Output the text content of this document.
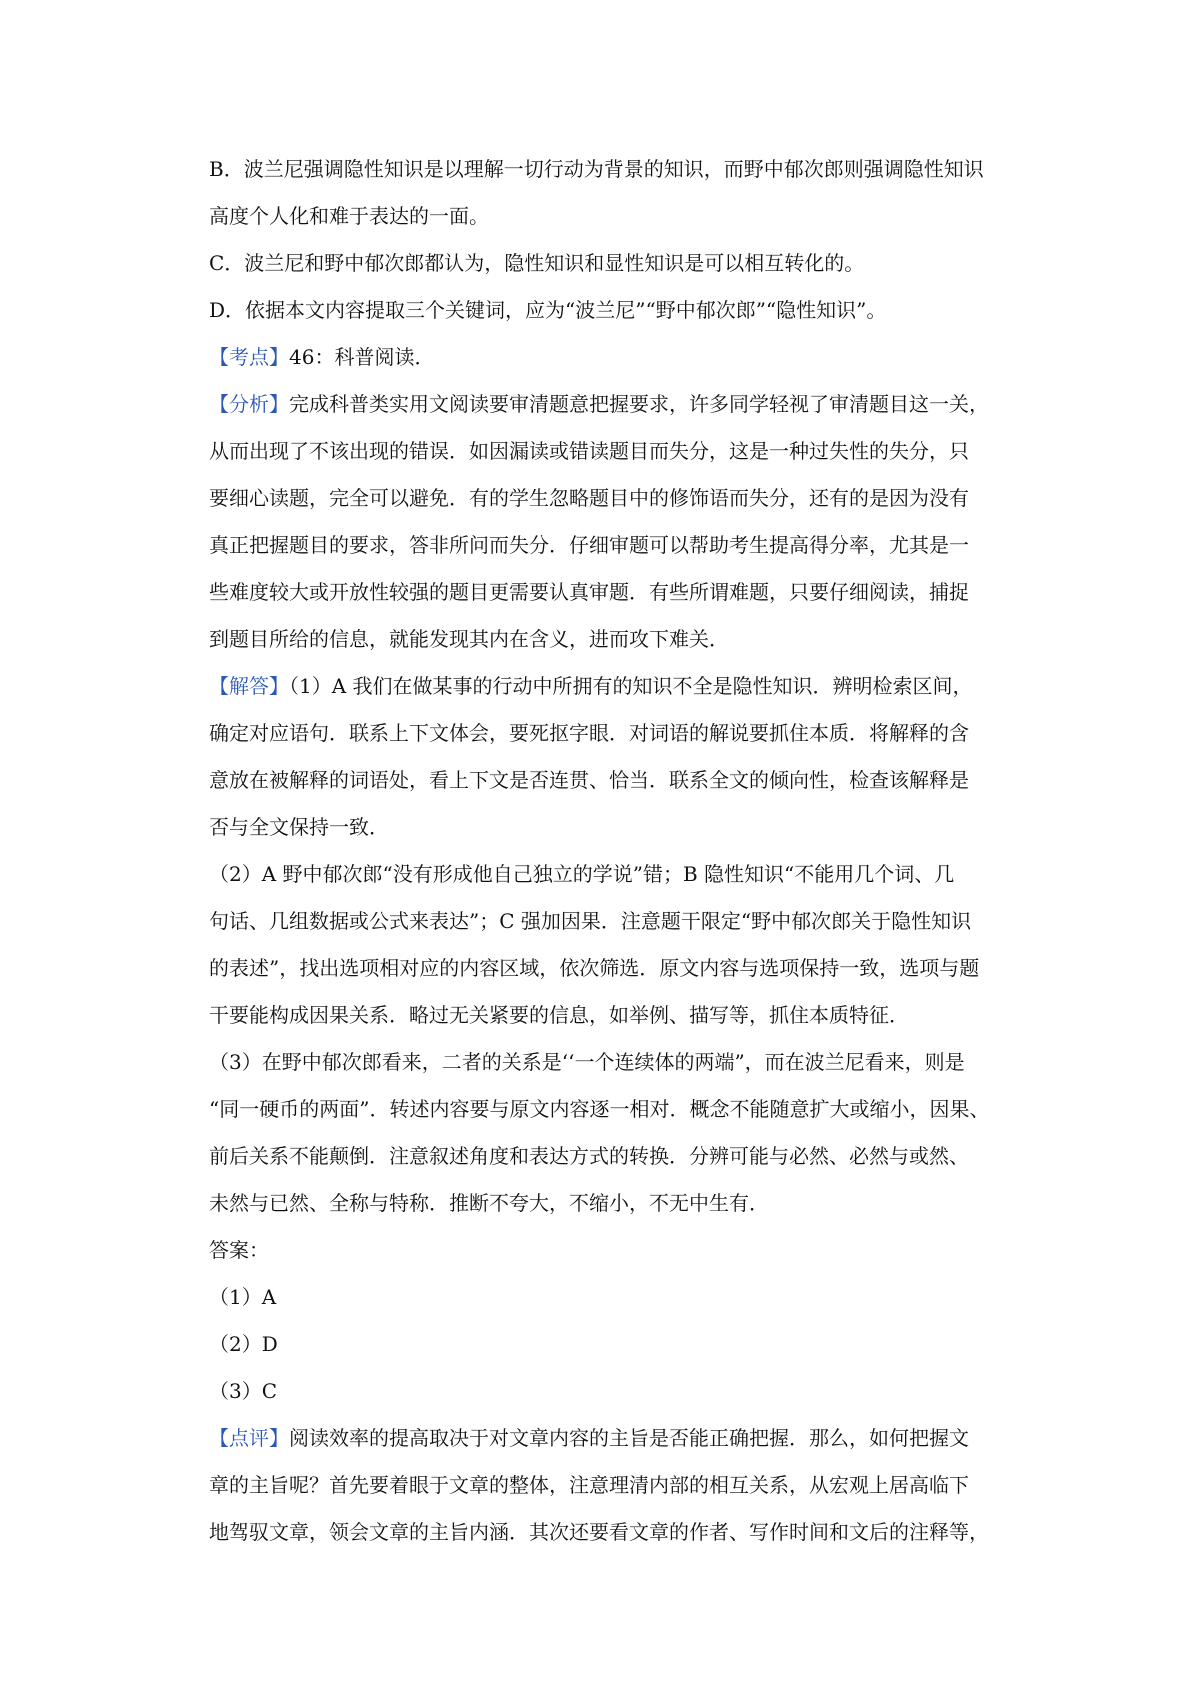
B．波兰尼强调隐性知识是以理解一切行动为背景的知识，而野中郁次郎则强调隐性知识
高度个人化和难于表达的一面。
C．波兰尼和野中郁次郎都认为，隐性知识和显性知识是可以相互转化的。
D．依据本文内容提取三个关键词，应为“波兰尼”“野中郁次郎”“隐性知识”。
【考点】46：科普阅读．
【分析】完成科普类实用文阅读要审清题意把握要求，许多同学轻视了审清题目这一关，
从而出现了不该出现的错误．如因漏读或错读题目而失分，这是一种过失性的失分，只
要细心读题，完全可以避免．有的学生忽略题目中的修饰语而失分，还有的是因为没有
真正把握题目的要求，答非所问而失分．仔细审题可以帮助考生提高得分率，尤其是一
些难度较大或开放性较强的题目更需要认真审题．有些所谓难题，只要仔细阅读，捕捉
到题目所给的信息，就能发现其内在含义，进而攻下难关．
【解答】（1）A 我们在做某事的行动中所拥有的知识不全是隐性知识．辨明检索区间，
确定对应语句．联系上下文体会，要死抠字眼．对词语的解说要抓住本质．将解释的含
意放在被解释的词语处，看上下文是否连贯、恰当．联系全文的倾向性，检查该解释是
否与全文保持一致．
（2）A 野中郁次郎“没有形成他自己独立的学说”错；B 隐性知识“不能用几个词、几
句话、几组数据或公式来表达”；C 强加因果．注意题干限定“野中郁次郎关于隐性知识
的表述”，找出选项相对应的内容区域，依次筛选．原文内容与选项保持一致，选项与题
干要能构成因果关系．略过无关紧要的信息，如举例、描写等，抓住本质特征．
（3）在野中郁次郎看来，二者的关系是‘‘一个连续体的两端”，而在波兰尼看来，则是
“同一硬币的两面”．转述内容要与原文内容逐一相对．概念不能随意扩大或缩小，因果、
前后关系不能颠倒．注意叙述角度和表达方式的转换．分辨可能与必然、必然与或然、
未然与已然、全称与特称．推断不夸大，不缩小，不无中生有．
答案：
（1）A
（2）D
（3）C
【点评】阅读效率的提高取决于对文章内容的主旨是否能正确把握．那么，如何把握文
章的主旨呢？首先要着眼于文章的整体，注意理清内部的相互关系，从宏观上居高临下
地驾驭文章，领会文章的主旨内涵．其次还要看文章的作者、写作时间和文后的注释等，
